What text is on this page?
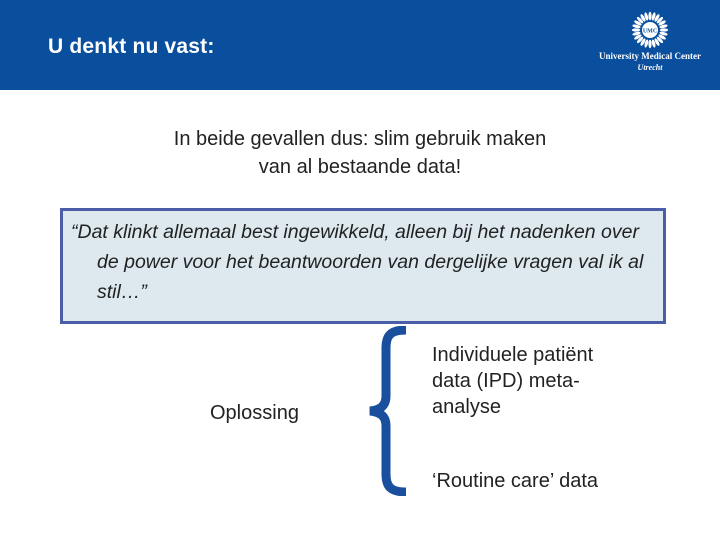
U denkt nu vast:
UMC
University Medical Center
Utrecht
In beide gevallen dus: slim gebruik maken
van al bestaande data!
“Dat klinkt allemaal best ingewikkeld, alleen bij het nadenken over de power voor het beantwoorden van dergelijke vragen val ik al stil…”
Oplossing
Individuele patiënt
data (IPD) meta-
analyse
‘Routine care’ data
